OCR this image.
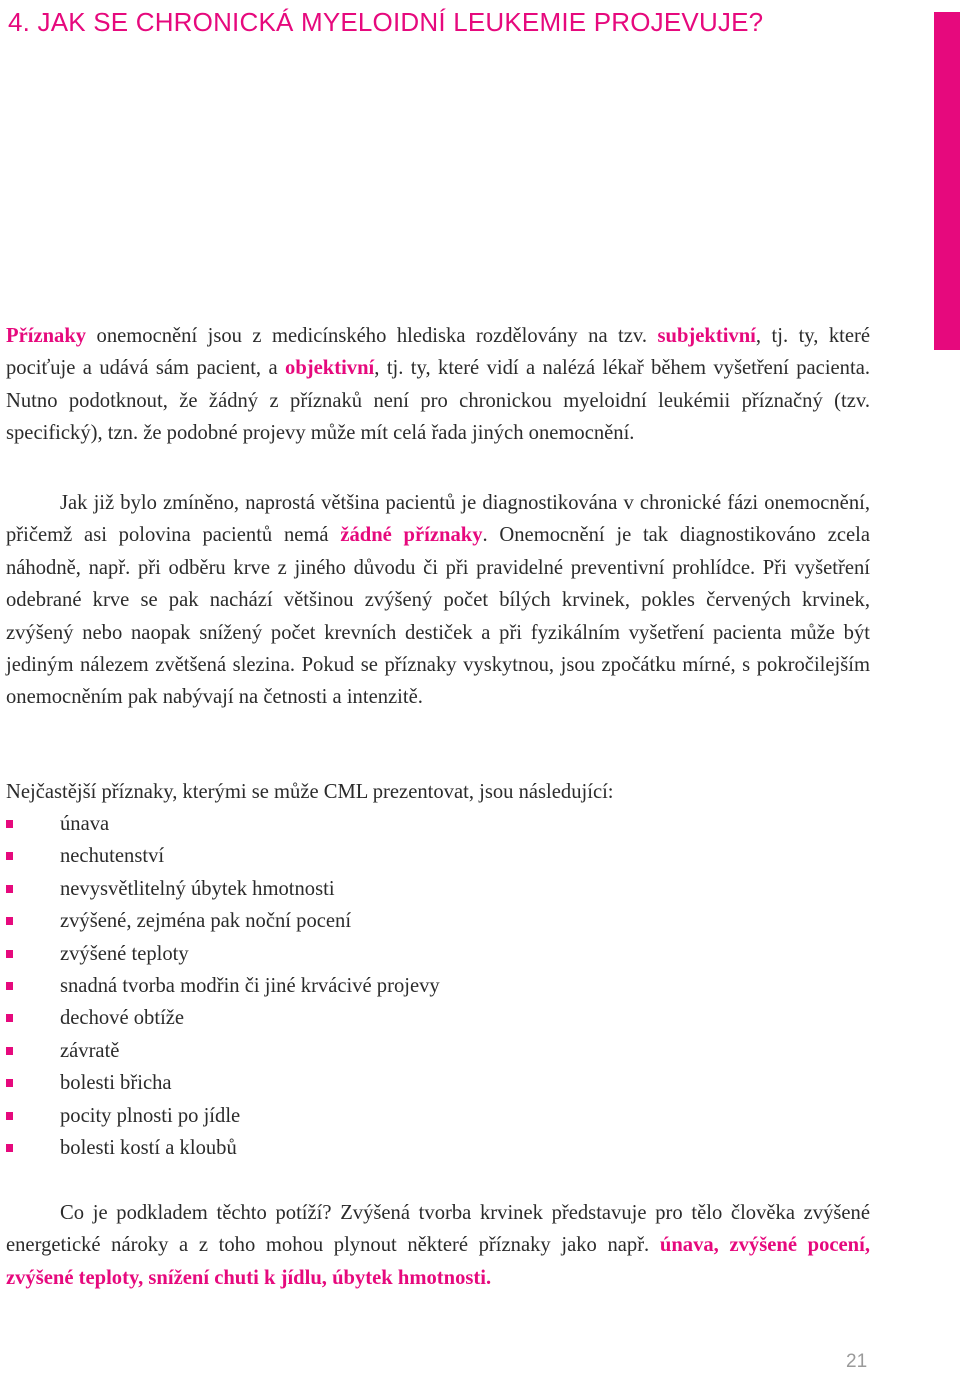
4. JAK SE CHRONICKÁ MYELOIDNÍ LEUKEMIE PROJEVUJE?

Příznaky onemocnění jsou z medicínského hlediska rozdělovány na tzv. subjektivní, tj. ty, které pociťuje a udává sám pacient, a objektivní, tj. ty, které vidí a nalézá lékař během vyšetření pacienta. Nutno podotknout, že žádný z příznaků není pro chronickou myeloidní leukémii příznačný (tzv. specifický), tzn. že podobné projevy může mít celá řada jiných onemocnění.

Jak již bylo zmíněno, naprostá většina pacientů je diagnostikována v chronické fázi onemocnění, přičemž asi polovina pacientů nemá žádné příznaky. Onemocnění je tak diagnostikováno zcela náhodně, např. při odběru krve z jiného důvodu či při pravidelné preventivní prohlídce. Při vyšetření odebrané krve se pak nachází většinou zvýšený počet bílých krvinek, pokles červených krvinek, zvýšený nebo naopak snížený počet krevních destiček a při fyzikálním vyšetření pacienta může být jediným nálezem zvětšená slezina. Pokud se příznaky vyskytnou, jsou zpočátku mírné, s pokročilejším onemocněním pak nabývají na četnosti a intenzitě.

Nejčastější příznaky, kterými se může CML prezentovat, jsou následující:

únava
nechutenství
nevysvětlitelný úbytek hmotnosti
zvýšené, zejména pak noční pocení
zvýšené teploty
snadná tvorba modřin či jiné krvácivé projevy
dechové obtíže
závratě
bolesti břicha
pocity plnosti po jídle
bolesti kostí a kloubů

Co je podkladem těchto potíží? Zvýšená tvorba krvinek představuje pro tělo člověka zvýšené energetické nároky a z toho mohou plynout některé příznaky jako např. únava, zvýšené pocení, zvýšené teploty, snížení chuti k jídlu, úbytek hmotnosti.

21
